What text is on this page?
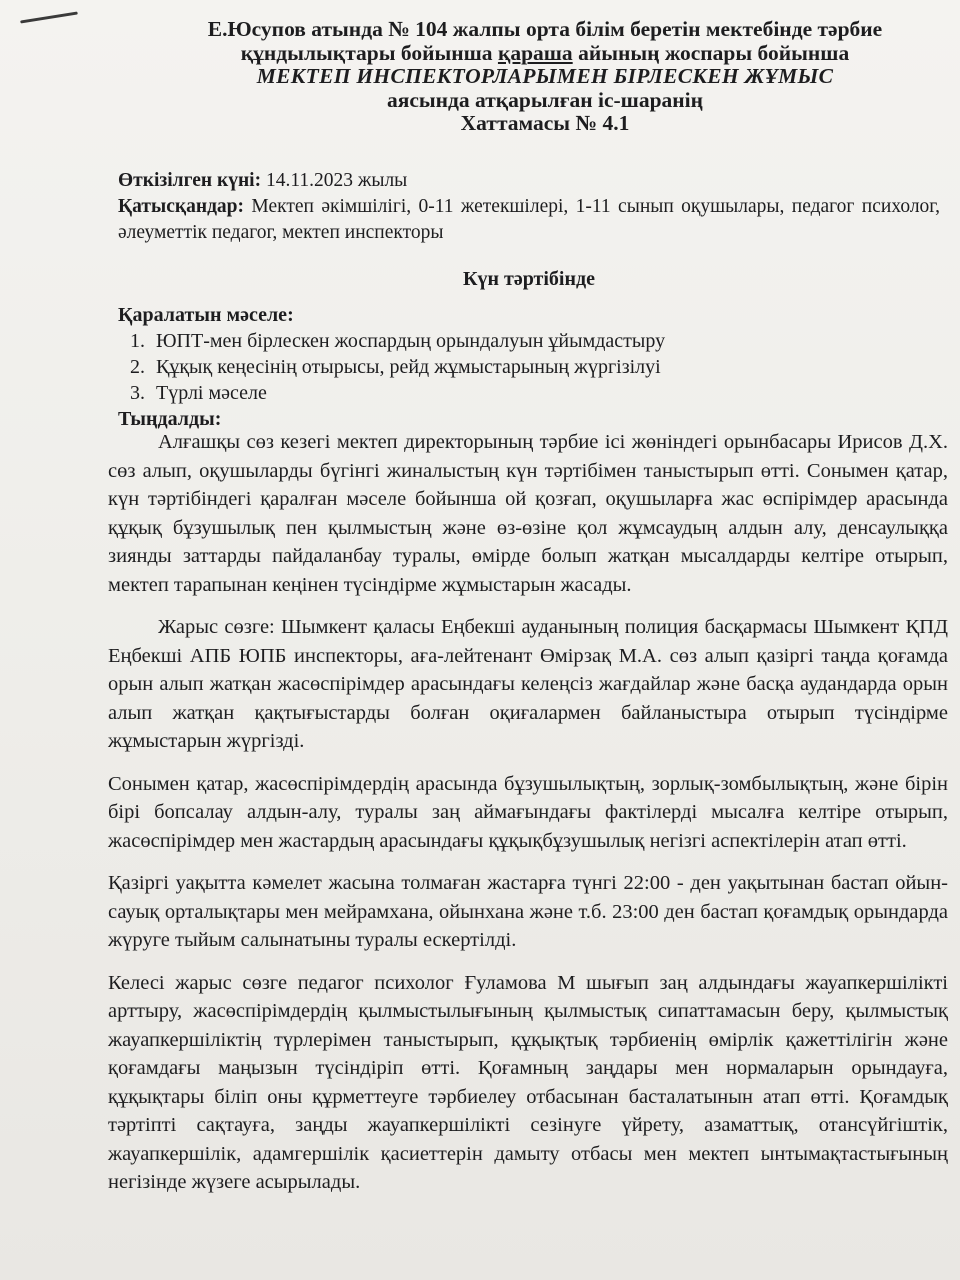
Е.Юсупов атында № 104 жалпы орта білім беретін мектебінде тәрбие
құндылықтары бойынша қараша айының жоспары бойынша
МЕКТЕП ИНСПЕКТОРЛАРЫМЕН БІРЛЕСКЕН ЖҰМЫС
аясында атқарылған іс-шаранің
Хаттамасы № 4.1
Өткізілген күні: 14.11.2023 жылы
Қатысқандар: Мектеп әкімшілігі, 0-11 жетекшілері, 1-11 сынып оқушылары, педагог психолог, әлеуметтік педагог, мектеп инспекторы
Күн тәртібінде
Қаралатын мәселе:
1. ЮПТ-мен бірлескен жоспардың орындалуын ұйымдастыру
2. Құқық кеңесінің отырысы, рейд жұмыстарының жүргізілуі
3. Түрлі мәселе
Тыңдалды:

Алғашқы сөз кезегі мектеп директорының тәрбие ісі жөніндегі орынбасары Ирисов Д.Х. сөз алып, оқушыларды бүгінгі жиналыстың күн тәртібімен таныстырып өтті. Сонымен қатар, күн тәртібіндегі қаралған мәселе бойынша ой қозғап, оқушыларға жас өспірімдер арасында құқық бұзушылық пен қылмыстың және өз-өзіне қол жұмсаудың алдын алу, денсаулыққа зиянды заттарды пайдаланбау туралы, өмірде болып жатқан мысалдарды келтіре отырып, мектеп тарапынан кеңінен түсіндірме жұмыстарын жасады.

Жарыс сөзге: Шымкент қаласы Еңбекші ауданының полиция басқармасы Шымкент ҚПД Еңбекші АПБ ЮПБ инспекторы, аға-лейтенант Өмірзақ М.А. сөз алып қазіргі таңда қоғамда орын алып жатқан жасөспірімдер арасындағы келеңсіз жағдайлар және басқа аудандарда орын алып жатқан қақтығыстарды болған оқиғалармен байланыстыра отырып түсіндірме жұмыстарын жүргізді.

Сонымен қатар, жасөспірімдердің арасында бұзушылықтың, зорлық-зомбылықтың, және бірін бірі бопсалау алдын-алу, туралы заң аймағындағы фактілерді мысалға келтіре отырып, жасөспірімдер мен жастардың арасындағы құқықбұзушылық негізгі аспектілерін атап өтті.

Қазіргі уақытта кәмелет жасына толмаған жастарға түнгі 22:00 - ден уақытынан бастап ойын-сауық орталықтары мен мейрамхана, ойынхана және т.б. 23:00 ден бастап қоғамдық орындарда жүруге тыйым салынатыны туралы ескертілді.

Келесі жарыс сөзге педагог психолог Ғуламова М шығып заң алдындағы жауапкершілікті арттыру, жасөспірімдердің қылмыстылығының қылмыстық сипаттамасын беру, қылмыстық жауапкершіліктің түрлерімен таныстырып, құқықтық тәрбиенің өмірлік қажеттілігін және қоғамдағы маңызын түсіндіріп өтті. Қоғамның заңдары мен нормаларын орындауға, құқықтары біліп оны құрметтеуге тәрбиелеу отбасынан басталатынын атап өтті. Қоғамдық тәртіпті сақтауға, заңды жауапкершілікті сезінуге үйрету, азаматтық, отансүйгіштік, жауапкершілік, адамгершілік қасиеттерін дамыту отбасы мен мектеп ынтымақтастығының негізінде жүзеге асырылады.
